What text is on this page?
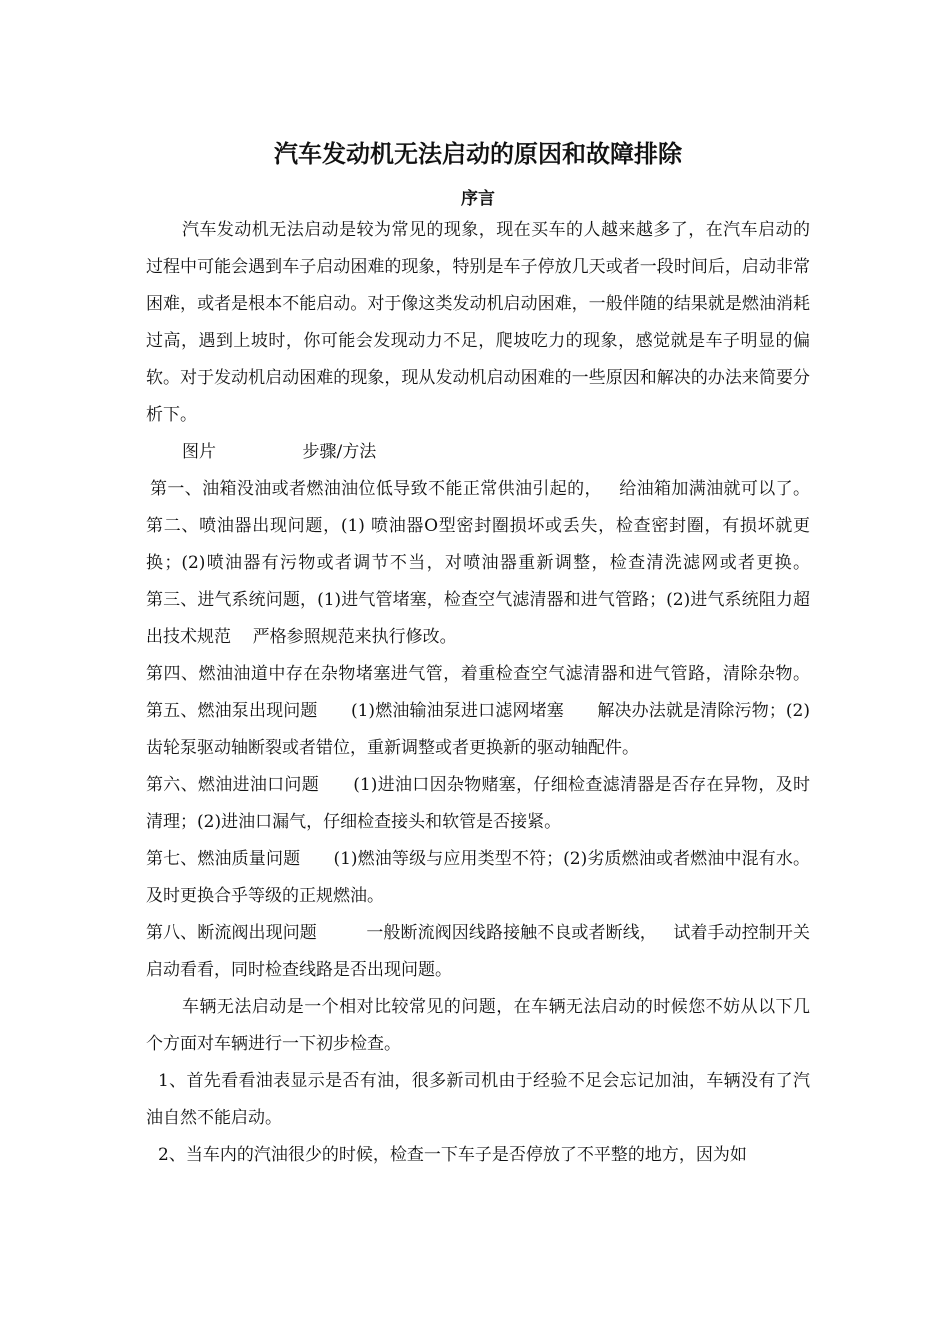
汽车发动机无法启动的原因和故障排除
序言

汽车发动机无法启动是较为常见的现象，现在买车的人越来越多了，在汽车启动的过程中可能会遇到车子启动困难的现象，特别是车子停放几天或者一段时间后，启动非常困难，或者是根本不能启动。对于像这类发动机启动困难，一般伴随的结果就是燃油消耗过高，遇到上坡时，你可能会发现动力不足，爬坡吃力的现象，感觉就是车子明显的偏软。对于发动机启动困难的现象，现从发动机启动困难的一些原因和解决的办法来简要分析下。

图片                步骤/方法

第一、油箱没油或者燃油油位低导致不能正常供油引起的，   给油箱加满油就可以了。      第二、喷油器出现问题，(1) 喷油器O型密封圈损坏或丢失，检查密封圈，有损坏就更换；(2)喷油器有污物或者调节不当，对喷油器重新调整，检查清洗滤网或者更换。      第三、进气系统问题，(1)进气管堵塞，检查空气滤清器和进气管路；(2)进气系统阻力超出技术规范    严格参照规范来执行修改。

第四、燃油油道中存在杂物堵塞进气管，着重检查空气滤清器和进气管路，清除杂物。      第五、燃油泵出现问题      (1)燃油输油泵进口滤网堵塞      解决办法就是清除污物；(2)齿轮泵驱动轴断裂或者错位，重新调整或者更换新的驱动轴配件。

第六、燃油进油口问题      (1)进油口因杂物赌塞，仔细检查滤清器是否存在异物，及时清理；(2)进油口漏气，仔细检查接头和软管是否接紧。

第七、燃油质量问题      (1)燃油等级与应用类型不符；(2)劣质燃油或者燃油中混有水。及时更换合乎等级的正规燃油。

第八、断流阀出现问题         一般断流阀因线路接触不良或者断线，   试着手动控制开关启动看看，同时检查线路是否出现问题。

车辆无法启动是一个相对比较常见的问题，在车辆无法启动的时候您不妨从以下几个方面对车辆进行一下初步检查。

1、首先看看油表显示是否有油，很多新司机由于经验不足会忘记加油，车辆没有了汽油自然不能启动。

2、当车内的汽油很少的时候，检查一下车子是否停放了不平整的地方，因为如
